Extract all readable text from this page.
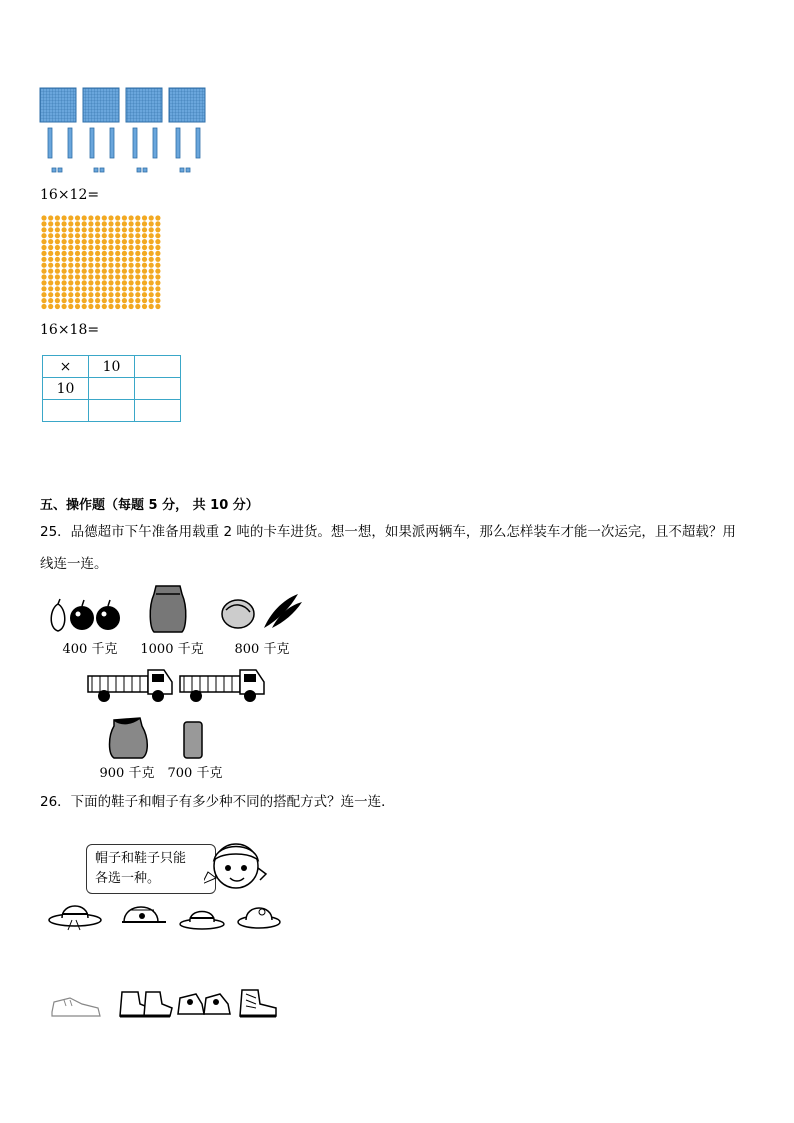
16×12=
16×18=
×	10	
10		

五、操作题（每题 5 分， 共 10 分）
25．品德超市下午准备用载重 2 吨的卡车进货。想一想，如果派两辆车，那么怎样装车才能一次运完，且不超载？用
线连一连。
400 千克	1000 千克	800 千克
900 千克	700 千克
26．下面的鞋子和帽子有多少种不同的搭配方式？连一连．
帽子和鞋子只能
各选一种。
